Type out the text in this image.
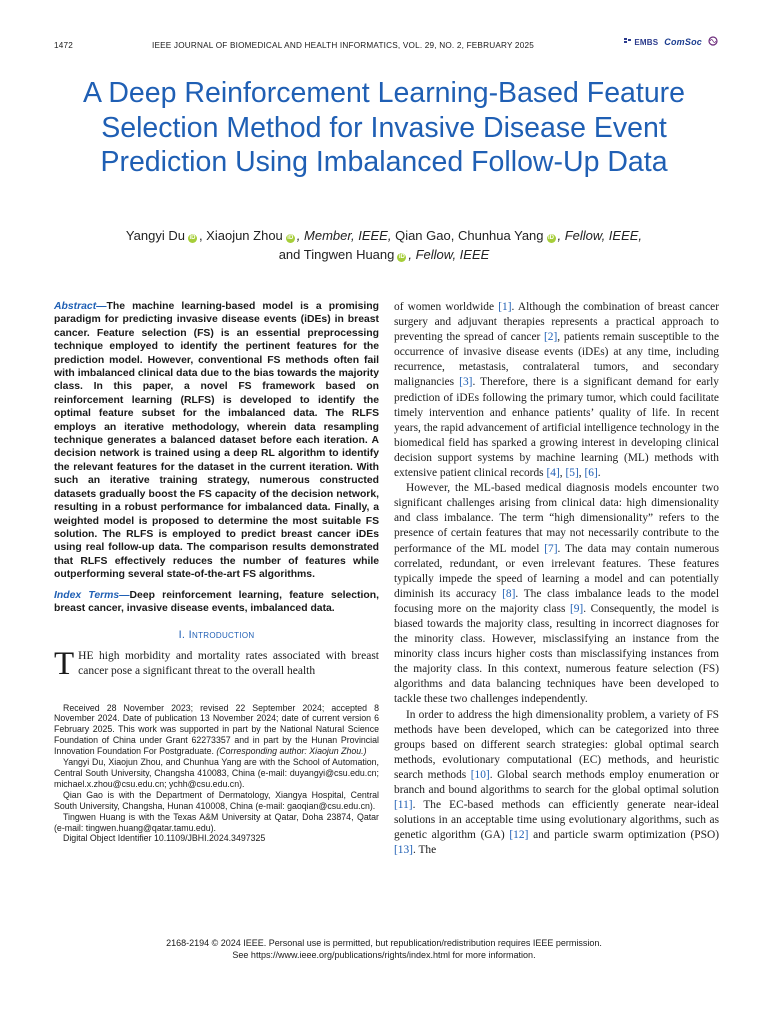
1472	IEEE JOURNAL OF BIOMEDICAL AND HEALTH INFORMATICS, VOL. 29, NO. 2, FEBRUARY 2025	EMBS ComSoc
A Deep Reinforcement Learning-Based Feature Selection Method for Invasive Disease Event Prediction Using Imbalanced Follow-Up Data
Yangyi Du iD , Xiaojun Zhou iD , Member, IEEE, Qian Gao, Chunhua Yang iD , Fellow, IEEE,
and Tingwen Huang iD , Fellow, IEEE

Abstract—The machine learning-based model is a promising paradigm for predicting invasive disease events (iDEs) in breast cancer. Feature selection (FS) is an essential preprocessing technique employed to identify the pertinent features for the prediction model. However, conventional FS methods often fail with imbalanced clinical data due to the bias towards the majority class. In this paper, a novel FS framework based on reinforcement learning (RLFS) is developed to identify the optimal feature subset for the imbalanced data. The RLFS employs an iterative methodology, wherein data resampling technique generates a balanced dataset before each iteration. A decision network is trained using a deep RL algorithm to identify the relevant features for the dataset in the current iteration. With such an iterative training strategy, numerous constructed datasets gradually boost the FS capacity of the decision network, resulting in a robust performance for imbalanced data. Finally, a weighted model is proposed to determine the most suitable FS solution. The RLFS is employed to predict breast cancer iDEs using real follow-up data. The comparison results demonstrated that RLFS effectively reduces the number of features while outperforming several state-of-the-art FS algorithms.

Index Terms—Deep reinforcement learning, feature selection, breast cancer, invasive disease events, imbalanced data.

I. Introduction

THE high morbidity and mortality rates associated with breast cancer pose a significant threat to the overall health

Received 28 November 2023; revised 22 September 2024; accepted 8 November 2024. Date of publication 13 November 2024; date of current version 6 February 2025. This work was supported in part by the National Natural Science Foundation of China under Grant 62273357 and in part by the Hunan Provincial Innovation Foundation For Postgraduate. (Corresponding author: Xiaojun Zhou.)

Yangyi Du, Xiaojun Zhou, and Chunhua Yang are with the School of Automation, Central South University, Changsha 410083, China (e-mail: duyangyi@csu.edu.cn; michael.x.zhou@csu.edu.cn; ychh@csu.edu.cn).

Qian Gao is with the Department of Dermatology, Xiangya Hospital, Central South University, Changsha, Hunan 410008, China (e-mail: gaoqian@csu.edu.cn).

Tingwen Huang is with the Texas A&M University at Qatar, Doha 23874, Qatar (e-mail: tingwen.huang@qatar.tamu.edu).

Digital Object Identifier 10.1109/JBHI.2024.3497325

of women worldwide [1]. Although the combination of breast cancer surgery and adjuvant therapies represents a practical approach to preventing the spread of cancer [2], patients remain susceptible to the occurrence of invasive disease events (iDEs) at any time, including recurrence, metastasis, contralateral tumors, and secondary malignancies [3]. Therefore, there is a significant demand for early prediction of iDEs following the primary tumor, which could facilitate timely intervention and enhance patients’ quality of life. In recent years, the rapid advancement of artificial intelligence technology in the biomedical field has sparked a growing interest in developing clinical decision support systems by machine learning (ML) methods with extensive patient clinical records [4], [5], [6].

However, the ML-based medical diagnosis models encounter two significant challenges arising from clinical data: high dimensionality and class imbalance. The term “high dimensionality” refers to the presence of certain features that may not necessarily contribute to the performance of the ML model [7]. The data may contain numerous correlated, redundant, or even irrelevant features. These features typically impede the speed of learning a model and can potentially diminish its accuracy [8]. The class imbalance leads to the model focusing more on the majority class [9]. Consequently, the model is biased towards the majority class, resulting in incorrect diagnoses for the minority class. However, misclassifying an instance from the minority class incurs higher costs than misclassifying instances from the majority class. In this context, numerous feature selection (FS) algorithms and data balancing techniques have been developed to tackle these two challenges independently.

In order to address the high dimensionality problem, a variety of FS methods have been developed, which can be categorized into three groups based on different search strategies: global optimal search methods, evolutionary computational (EC) methods, and heuristic search methods [10]. Global search methods employ enumeration or branch and bound algorithms to search for the global optimal solution [11]. The EC-based methods can efficiently generate near-ideal solutions in an acceptable time using evolutionary algorithms, such as genetic algorithm (GA) [12] and particle swarm optimization (PSO) [13]. The

2168-2194 © 2024 IEEE. Personal use is permitted, but republication/redistribution requires IEEE permission.
See https://www.ieee.org/publications/rights/index.html for more information.
